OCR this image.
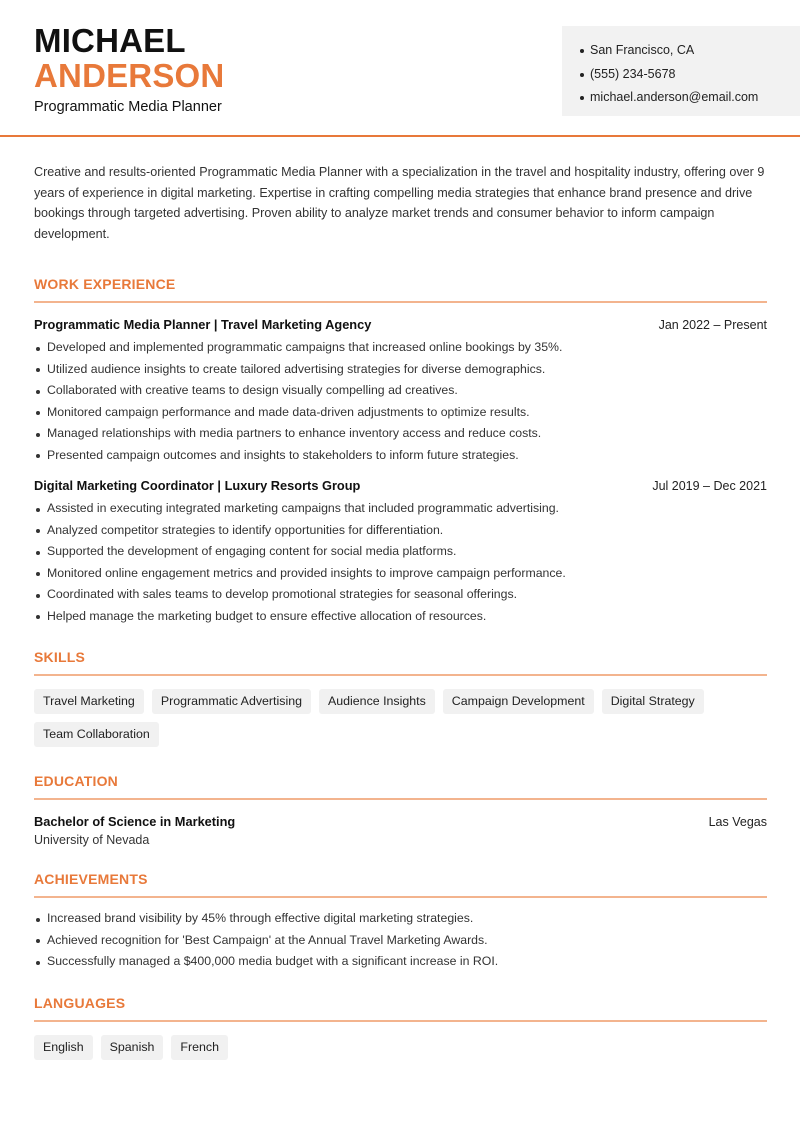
MICHAEL
ANDERSON
Programmatic Media Planner
San Francisco, CA
(555) 234-5678
michael.anderson@email.com

Creative and results-oriented Programmatic Media Planner with a specialization in the travel and hospitality industry, offering over 9 years of experience in digital marketing. Expertise in crafting compelling media strategies that enhance brand presence and drive bookings through targeted advertising. Proven ability to analyze market trends and consumer behavior to inform campaign development.

WORK EXPERIENCE
Programmatic Media Planner | Travel Marketing Agency	Jan 2022 – Present
Developed and implemented programmatic campaigns that increased online bookings by 35%.
Utilized audience insights to create tailored advertising strategies for diverse demographics.
Collaborated with creative teams to design visually compelling ad creatives.
Monitored campaign performance and made data-driven adjustments to optimize results.
Managed relationships with media partners to enhance inventory access and reduce costs.
Presented campaign outcomes and insights to stakeholders to inform future strategies.
Digital Marketing Coordinator | Luxury Resorts Group	Jul 2019 – Dec 2021
Assisted in executing integrated marketing campaigns that included programmatic advertising.
Analyzed competitor strategies to identify opportunities for differentiation.
Supported the development of engaging content for social media platforms.
Monitored online engagement metrics and provided insights to improve campaign performance.
Coordinated with sales teams to develop promotional strategies for seasonal offerings.
Helped manage the marketing budget to ensure effective allocation of resources.
SKILLS
Travel Marketing	Programmatic Advertising	Audience Insights	Campaign Development	Digital Strategy
Team Collaboration
EDUCATION
Bachelor of Science in Marketing	Las Vegas
University of Nevada
ACHIEVEMENTS
Increased brand visibility by 45% through effective digital marketing strategies.
Achieved recognition for 'Best Campaign' at the Annual Travel Marketing Awards.
Successfully managed a $400,000 media budget with a significant increase in ROI.
LANGUAGES
English	Spanish	French
